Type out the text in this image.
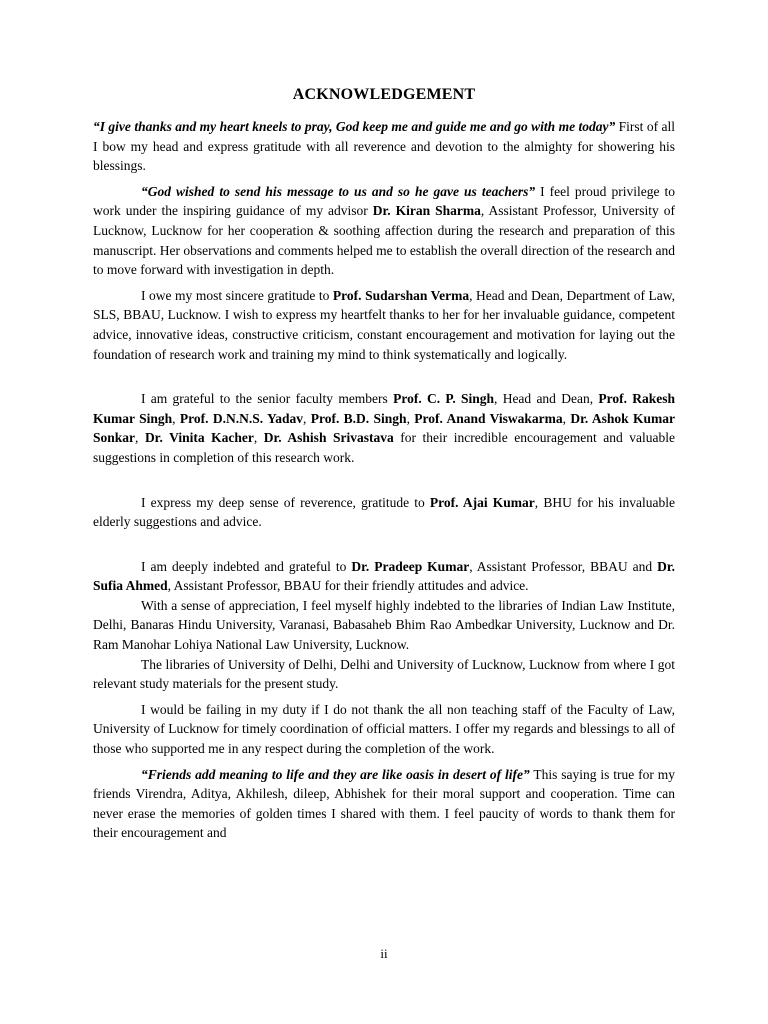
ACKNOWLEDGEMENT

“I give thanks and my heart kneels to pray, God keep me and guide me and go with me today” First of all I bow my head and express gratitude with all reverence and devotion to the almighty for showering his blessings.

“God wished to send his message to us and so he gave us teachers” I feel proud privilege to work under the inspiring guidance of my advisor Dr. Kiran Sharma, Assistant Professor, University of Lucknow, Lucknow for her cooperation & soothing affection during the research and preparation of this manuscript. Her observations and comments helped me to establish the overall direction of the research and to move forward with investigation in depth.

I owe my most sincere gratitude to Prof. Sudarshan Verma, Head and Dean, Department of Law, SLS, BBAU, Lucknow. I wish to express my heartfelt thanks to her for her invaluable guidance, competent advice, innovative ideas, constructive criticism, constant encouragement and motivation for laying out the foundation of research work and training my mind to think systematically and logically.

I am grateful to the senior faculty members Prof. C. P. Singh, Head and Dean, Prof. Rakesh Kumar Singh, Prof. D.N.N.S. Yadav, Prof. B.D. Singh, Prof. Anand Viswakarma, Dr. Ashok Kumar Sonkar, Dr. Vinita Kacher, Dr. Ashish Srivastava for their incredible encouragement and valuable suggestions in completion of this research work.

I express my deep sense of reverence, gratitude to Prof. Ajai Kumar, BHU for his invaluable elderly suggestions and advice.

I am deeply indebted and grateful to Dr. Pradeep Kumar, Assistant Professor, BBAU and Dr. Sufia Ahmed, Assistant Professor, BBAU for their friendly attitudes and advice.

With a sense of appreciation, I feel myself highly indebted to the libraries of Indian Law Institute, Delhi, Banaras Hindu University, Varanasi, Babasaheb Bhim Rao Ambedkar University, Lucknow and Dr. Ram Manohar Lohiya National Law University, Lucknow.

The libraries of University of Delhi, Delhi and University of Lucknow, Lucknow from where I got relevant study materials for the present study.

I would be failing in my duty if I do not thank the all non teaching staff of the Faculty of Law, University of Lucknow for timely coordination of official matters. I offer my regards and blessings to all of those who supported me in any respect during the completion of the work.

“Friends add meaning to life and they are like oasis in desert of life” This saying is true for my friends Virendra, Aditya, Akhilesh, dileep, Abhishek for their moral support and cooperation. Time can never erase the memories of golden times I shared with them. I feel paucity of words to thank them for their encouragement and

ii
